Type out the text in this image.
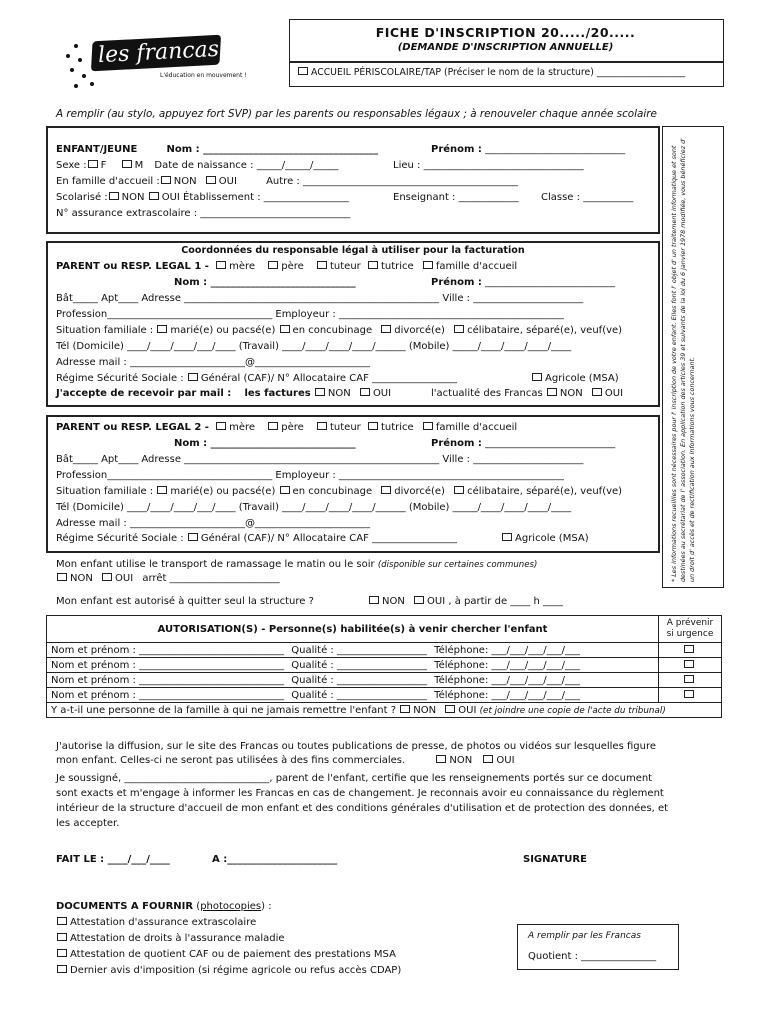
les francas
L'éducation en mouvement !
FICHE D'INSCRIPTION 20...../20.....
(DEMANDE D'INSCRIPTION ANNUELLE)
ACCUEIL PÉRISCOLAIRE/TAP (Préciser le nom de la structure) ___________________
A remplir (au stylo, appuyez fort SVP) par les parents ou responsables légaux ; à renouveler chaque année scolaire
ENFANT/JEUNE	Nom : ___________________________________	Prénom : ____________________________
Sexe : F	M Date de naissance : _____/_____/_____	Lieu : ________________________________
En famille d'accueil : NON OUI	Autre : ___________________________________________
Scolarisé : NON OUI Établissement : _________________	Enseignant : ____________ Classe : __________
N° assurance extrascolaire : ______________________________
Coordonnées du responsable légal à utiliser pour la facturation
PARENT ou RESP. LEGAL 1 - mère	père	tuteur tutrice famille d'accueil
Nom : _____________________________	Prénom : __________________________
Bât_____ Apt____ Adresse ___________________________________________________ Ville : ______________________
Profession_________________________________ Employeur : _____________________________________________
Situation familiale : marié(e) ou pacsé(e) en concubinage divorcé(e) célibataire, séparé(e), veuf(ve)
Tél (Domicile) ____/____/____/___/____ (Travail) ____/____/____/____/______ (Mobile) _____/____/____/____/____
Adresse mail : _______________________@_______________________
Régime Sécurité Sociale : Général (CAF)/ N° Allocataire CAF _________________	Agricole (MSA)
J'accepte de recevoir par mail : les factures NON OUI	l'actualité des Francas NON OUI
PARENT ou RESP. LEGAL 2 - mère	père	tuteur tutrice famille d'accueil
Nom : _____________________________	Prénom : __________________________
Bât_____ Apt____ Adresse ___________________________________________________ Ville : ______________________
Profession_________________________________ Employeur : _____________________________________________
Situation familiale : marié(e) ou pacsé(e) en concubinage divorcé(e) célibataire, séparé(e), veuf(ve)
Tél (Domicile) ____/____/____/___/____ (Travail) ____/____/____/____/______ (Mobile) _____/____/____/____/____
Adresse mail : _______________________@_______________________
Régime Sécurité Sociale : Général (CAF)/ N° Allocataire CAF _________________	Agricole (MSA)	* Les informations recueillies sont nécessaires pour l' inscription de votre enfant. Elles font l' objet d' un traitement informatique et sont destinées au secrétariat de l' association. En application des articles 39 et suivants de la loi du 6 janvier 1978 modifiée, vous bénéficiez d' un droit d' accès et de rectification aux informations vous concernant.
Mon enfant utilise le transport de ramassage le matin ou le soir (disponible sur certaines communes)
NON OUI arrêt ______________________
Mon enfant est autorisé à quitter seul la structure ?	NON OUI , à partir de ____ h ____
AUTORISATION(S) - Personne(s) habilitée(s) à venir chercher l'enfant	A prévenir si urgence
Nom et prénom : _____________________________ Qualité : __________________ Téléphone: ___/___/___/___/___	
Nom et prénom : _____________________________ Qualité : __________________ Téléphone: ___/___/___/___/___	
Nom et prénom : _____________________________ Qualité : __________________ Téléphone: ___/___/___/___/___	
Nom et prénom : _____________________________ Qualité : __________________ Téléphone: ___/___/___/___/___	
Y a-t-il une personne de la famille à qui ne jamais remettre l'enfant ? NON OUI (et joindre une copie de l'acte du tribunal)	
J'autorise la diffusion, sur le site des Francas ou toutes publications de presse, de photos ou vidéos sur lesquelles figure
mon enfant. Celles-ci ne seront pas utilisées à des fins commerciales.	NON OUI
Je soussigné, _____________________________, parent de l'enfant, certifie que les renseignements portés sur ce document
sont exacts et m'engage à informer les Francas en cas de changement. Je reconnais avoir eu connaissance du règlement
intérieur de la structure d'accueil de mon enfant et des conditions générales d'utilisation et de protection des données, et
les accepter.
FAIT LE : ____/___/____	A :______________________	SIGNATURE
DOCUMENTS A FOURNIR (photocopies) :
Attestation d'assurance extrascolaire
Attestation de droits à l'assurance maladie
Attestation de quotient CAF ou de paiement des prestations MSA
Dernier avis d'imposition (si régime agricole ou refus accès CDAP)
A remplir par les Francas
Quotient : _______________
